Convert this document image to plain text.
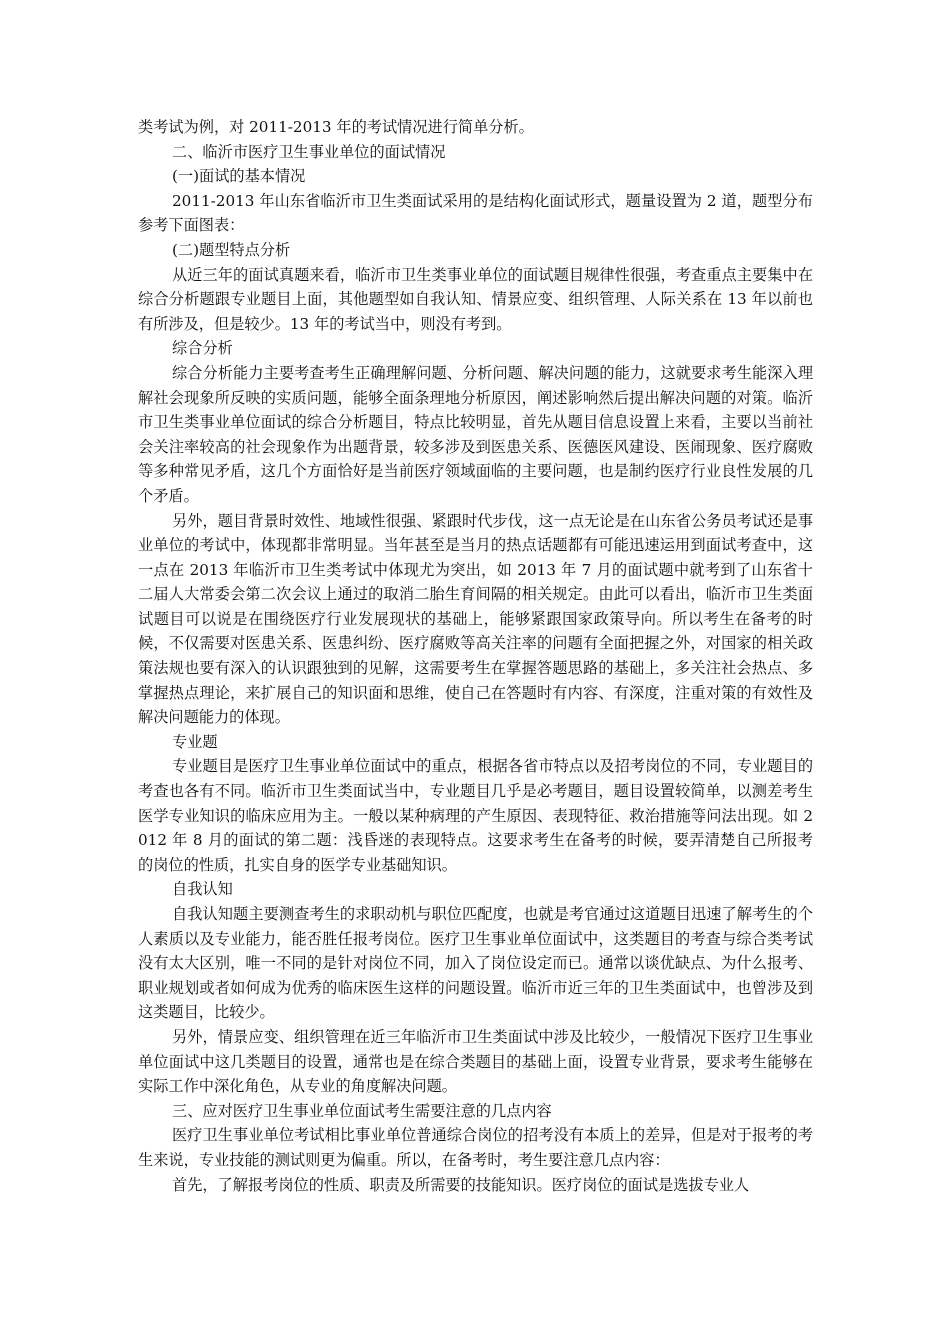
类考试为例，对 2011-2013 年的考试情况进行简单分析。

二、临沂市医疗卫生事业单位的面试情况

(一)面试的基本情况

2011-2013 年山东省临沂市卫生类面试采用的是结构化面试形式，题量设置为 2 道，题型分布参考下面图表：

(二)题型特点分析

从近三年的面试真题来看，临沂市卫生类事业单位的面试题目规律性很强，考查重点主要集中在综合分析题跟专业题目上面，其他题型如自我认知、情景应变、组织管理、人际关系在 13 年以前也有所涉及，但是较少。13 年的考试当中，则没有考到。

综合分析

综合分析能力主要考查考生正确理解问题、分析问题、解决问题的能力，这就要求考生能深入理解社会现象所反映的实质问题，能够全面条理地分析原因，阐述影响然后提出解决问题的对策。临沂市卫生类事业单位面试的综合分析题目，特点比较明显，首先从题目信息设置上来看，主要以当前社会关注率较高的社会现象作为出题背景，较多涉及到医患关系、医德医风建设、医闹现象、医疗腐败等多种常见矛盾，这几个方面恰好是当前医疗领域面临的主要问题，也是制约医疗行业良性发展的几个矛盾。

另外，题目背景时效性、地域性很强、紧跟时代步伐，这一点无论是在山东省公务员考试还是事业单位的考试中，体现都非常明显。当年甚至是当月的热点话题都有可能迅速运用到面试考查中，这一点在 2013 年临沂市卫生类考试中体现尤为突出，如 2013 年 7 月的面试题中就考到了山东省十二届人大常委会第二次会议上通过的取消二胎生育间隔的相关规定。由此可以看出，临沂市卫生类面试题目可以说是在围绕医疗行业发展现状的基础上，能够紧跟国家政策导向。所以考生在备考的时候，不仅需要对医患关系、医患纠纷、医疗腐败等高关注率的问题有全面把握之外，对国家的相关政策法规也要有深入的认识跟独到的见解，这需要考生在掌握答题思路的基础上，多关注社会热点、多掌握热点理论，来扩展自己的知识面和思维，使自己在答题时有内容、有深度，注重对策的有效性及解决问题能力的体现。

专业题

专业题目是医疗卫生事业单位面试中的重点，根据各省市特点以及招考岗位的不同，专业题目的考查也各有不同。临沂市卫生类面试当中，专业题目几乎是必考题目，题目设置较简单，以测差考生医学专业知识的临床应用为主。一般以某种病理的产生原因、表现特征、救治措施等问法出现。如 2012 年 8 月的面试的第二题：浅昏迷的表现特点。这要求考生在备考的时候，要弄清楚自己所报考的岗位的性质，扎实自身的医学专业基础知识。

自我认知

自我认知题主要测查考生的求职动机与职位匹配度，也就是考官通过这道题目迅速了解考生的个人素质以及专业能力，能否胜任报考岗位。医疗卫生事业单位面试中，这类题目的考查与综合类考试没有太大区别，唯一不同的是针对岗位不同，加入了岗位设定而已。通常以谈优缺点、为什么报考、职业规划或者如何成为优秀的临床医生这样的问题设置。临沂市近三年的卫生类面试中，也曾涉及到这类题目，比较少。

另外，情景应变、组织管理在近三年临沂市卫生类面试中涉及比较少，一般情况下医疗卫生事业单位面试中这几类题目的设置，通常也是在综合类题目的基础上面，设置专业背景，要求考生能够在实际工作中深化角色，从专业的角度解决问题。

三、应对医疗卫生事业单位面试考生需要注意的几点内容

医疗卫生事业单位考试相比事业单位普通综合岗位的招考没有本质上的差异，但是对于报考的考生来说，专业技能的测试则更为偏重。所以，在备考时，考生要注意几点内容：

首先，了解报考岗位的性质、职责及所需要的技能知识。医疗岗位的面试是选拔专业人
